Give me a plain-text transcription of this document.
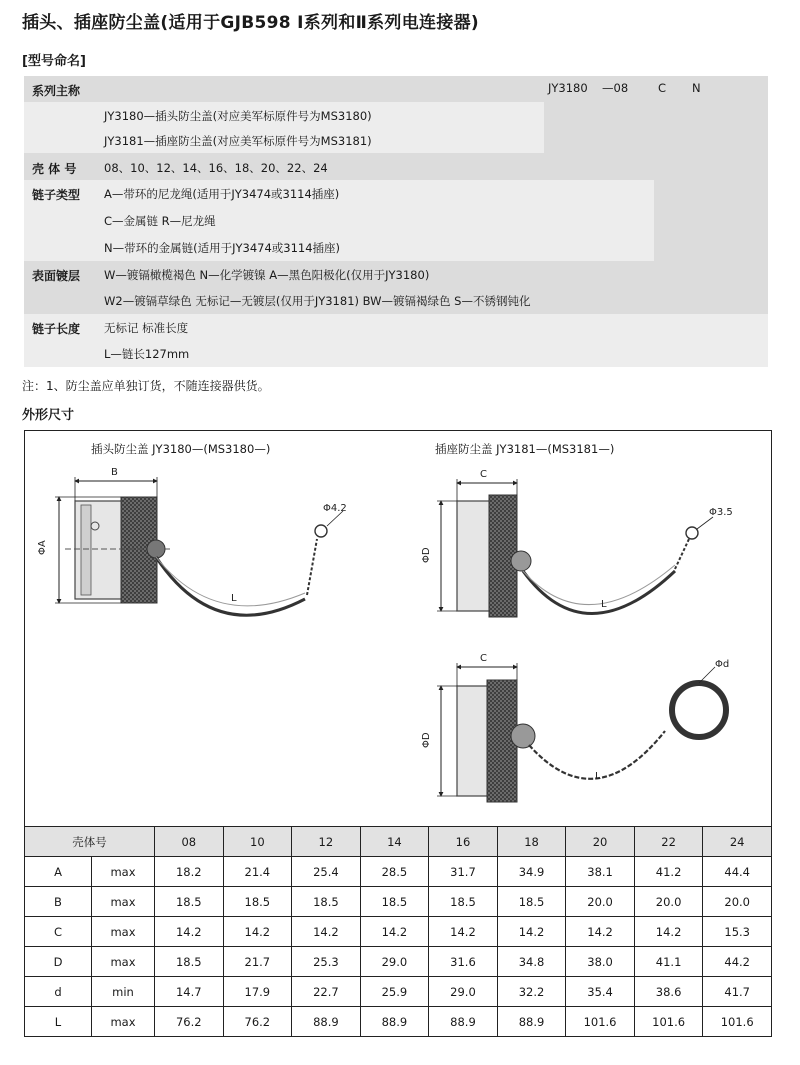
插头、插座防尘盖(适用于GJB598 Ⅰ系列和Ⅱ系列电连接器)
[型号命名]
JY3180 —08	C N
系列主称
JY3180—插头防尘盖(对应美军标原件号为MS3180)
JY3181—插座防尘盖(对应美军标原件号为MS3181)
壳 体 号 08、10、12、14、16、18、20、22、24
链子类型 A—带环的尼龙绳(适用于JY3474或3114插座)
C—金属链 R—尼龙绳
N—带环的金属链(适用于JY3474或3114插座)
表面镀层 W—镀镉橄榄褐色 N—化学镀镍 A—黑色阳极化(仅用于JY3180)
W2—镀镉草绿色 无标记—无镀层(仅用于JY3181) BW—镀镉褐绿色 S—不锈钢钝化
链子长度 无标记 标准长度
L—链长127mm
注：1、防尘盖应单独订货，不随连接器供货。
外形尺寸
插头防尘盖 JY3180—(MS3180—)	插座防尘盖 JY3181—(MS3181—)
B
ΦA
Φ4.2
L
C
ΦD
Φ3.5
L
C
ΦD
Φd
L
壳体号		08	10	12	14	16	18	20	22	24
A	max	18.2	21.4	25.4	28.5	31.7	34.9	38.1	41.2	44.4
B	max	18.5	18.5	18.5	18.5	18.5	18.5	20.0	20.0	20.0
C	max	14.2	14.2	14.2	14.2	14.2	14.2	14.2	14.2	15.3
D	max	18.5	21.7	25.3	29.0	31.6	34.8	38.0	41.1	44.2
d	min	14.7	17.9	22.7	25.9	29.0	32.2	35.4	38.6	41.7
L	max	76.2	76.2	88.9	88.9	88.9	88.9	101.6	101.6	101.6
